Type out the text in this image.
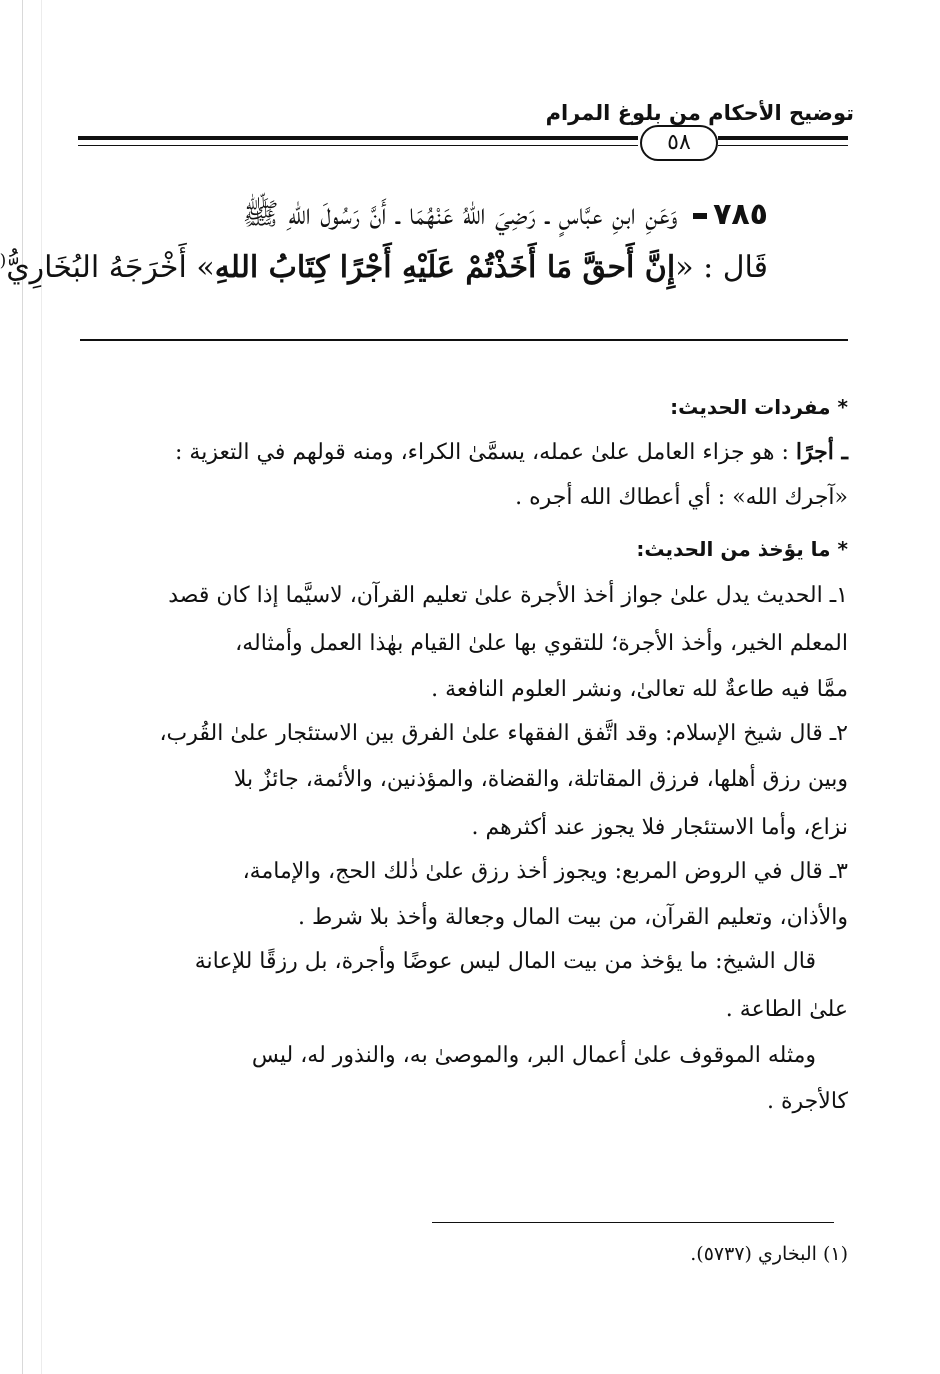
توضيح الأحكام من بلوغ المرام
٥٨
٧٨٥ وَعَنِ ابنِ عبَّاسٍ ـ رَضِيَ اللهُ عَنْهُمَا ـ أَنَّ رَسُولَ اللهِ ﷺ
قَال : «إِنَّ أَحقَّ مَا أَخَذْتُمْ عَلَيْهِ أَجْرًا كِتَابُ اللهِ» أَخْرَجَهُ البُخَارِيُّ(
* مفردات الحديث:
ـ أجرًا : هو جزاء العامل علىٰ عمله، يسمَّىٰ الكراء، ومنه قولهم في التعزية :
«آجرك الله» : أي أعطاك الله أجره .
* ما يؤخذ من الحديث:
١ـ الحديث يدل علىٰ جواز أخذ الأجرة علىٰ تعليم القرآن، لاسيَّما إذا كان قصد
المعلم الخير، وأخذ الأجرة؛ للتقوي بها علىٰ القيام بهٰذا العمل وأمثاله،
ممَّا فيه طاعةٌ لله تعالىٰ، ونشر العلوم النافعة .
٢ـ قال شيخ الإسلام: وقد اتَّفق الفقهاء علىٰ الفرق بين الاستئجار علىٰ القُرب،
وبين رزق أهلها، فرزق المقاتلة، والقضاة، والمؤذنين، والأئمة، جائزٌ بلا
نزاع، وأما الاستئجار فلا يجوز عند أكثرهم .
٣ـ قال في الروض المربع: ويجوز أخذ رزق علىٰ ذٰلك الحج، والإمامة،
والأذان، وتعليم القرآن، من بيت المال وجعالة وأخذ بلا شرط .
قال الشيخ: ما يؤخذ من بيت المال ليس عوضًا وأجرة، بل رزقًا للإعانة
علىٰ الطاعة .
ومثله الموقوف علىٰ أعمال البر، والموصىٰ به، والنذور له، ليس
كالأجرة .
(١) البخاري (٥٧٣٧).
